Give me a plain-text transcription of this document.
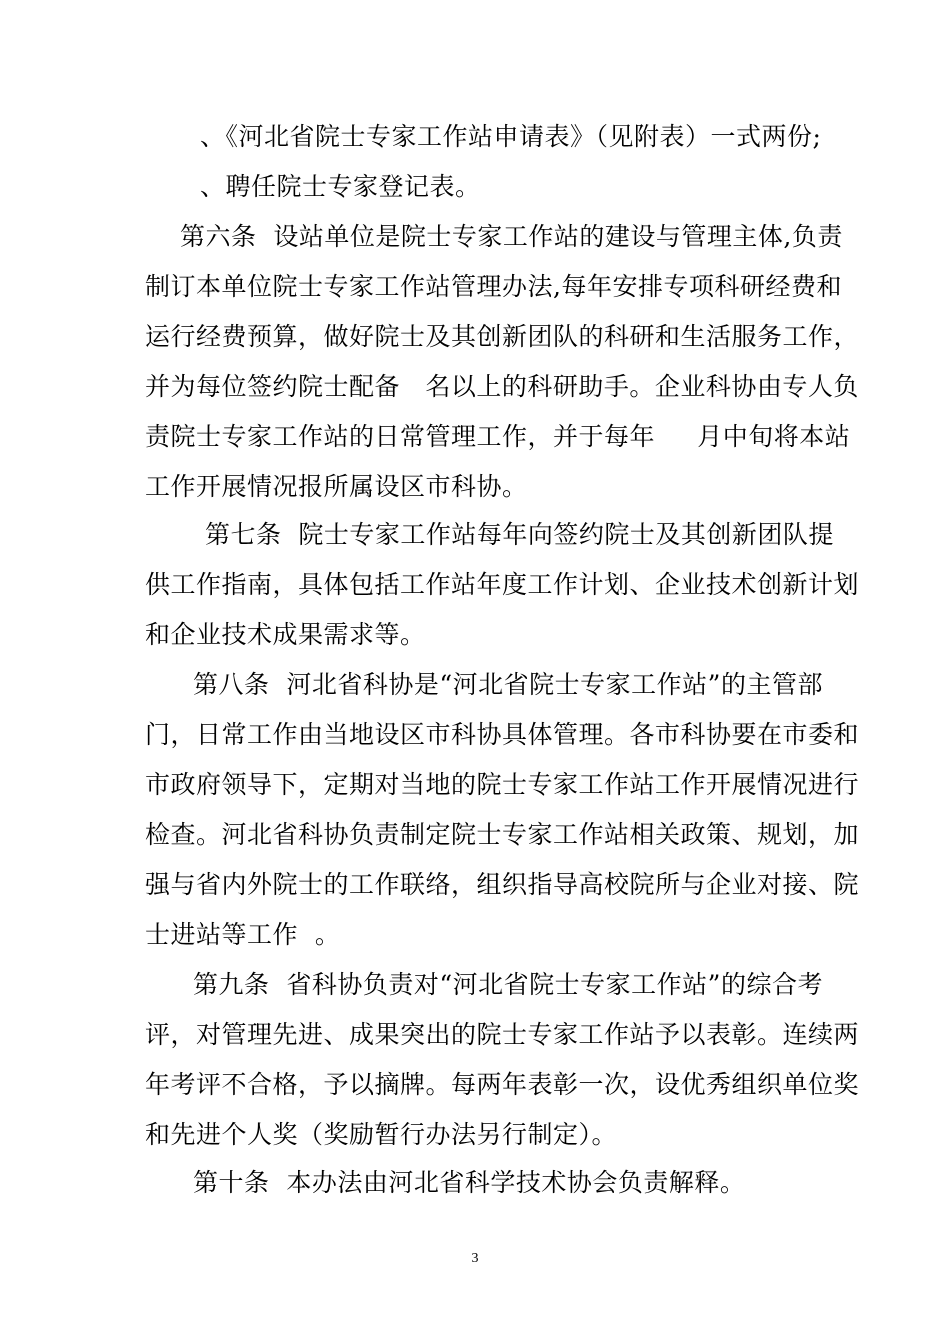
、《河北省院士专家工作站申请表》（见附表）一式两份;
、聘任院士专家登记表。
第六条  设站单位是院士专家工作站的建设与管理主体,负责
制订本单位院士专家工作站管理办法,每年安排专项科研经费和
运行经费预算，做好院士及其创新团队的科研和生活服务工作，
并为每位签约院士配备   名以上的科研助手。企业科协由专人负
责院士专家工作站的日常管理工作，并于每年     月中旬将本站
工作开展情况报所属设区市科协。
第七条  院士专家工作站每年向签约院士及其创新团队提
供工作指南，具体包括工作站年度工作计划、企业技术创新计划
和企业技术成果需求等。
第八条  河北省科协是“河北省院士专家工作站”的主管部
门，日常工作由当地设区市科协具体管理。各市科协要在市委和
市政府领导下，定期对当地的院士专家工作站工作开展情况进行
检查。河北省科协负责制定院士专家工作站相关政策、规划，加
强与省内外院士的工作联络，组织指导高校院所与企业对接、院
士进站等工作  。
第九条  省科协负责对“河北省院士专家工作站”的综合考
评，对管理先进、成果突出的院士专家工作站予以表彰。连续两
年考评不合格，予以摘牌。每两年表彰一次，设优秀组织单位奖
和先进个人奖（奖励暂行办法另行制定）。
第十条  本办法由河北省科学技术协会负责解释。
3
